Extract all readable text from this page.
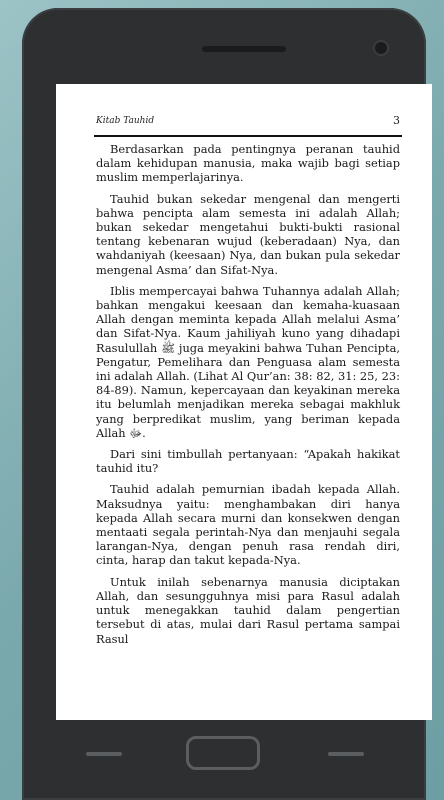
Kitab Tauhid	3

Berdasarkan pada pentingnya peranan tauhid dalam kehidupan manusia, maka wajib bagi setiap muslim memperlajarinya.

Tauhid bukan sekedar mengenal dan mengerti bahwa pencipta alam semesta ini adalah Allah; bukan sekedar mengetahui bukti-bukti rasional tentang kebenaran wujud (keberadaan) Nya, dan wahdaniyah (keesaan) Nya, dan bukan pula sekedar mengenal Asma’ dan Sifat-Nya.

Iblis mempercayai bahwa Tuhannya adalah Allah; bahkan mengakui keesaan dan kemaha-kuasaan Allah dengan meminta kepada Allah melalui Asma’ dan Sifat-Nya. Kaum jahiliyah kuno yang dihadapi Rasulullah ﷺ juga meyakini bahwa Tuhan Pencipta, Pengatur, Pemelihara dan Penguasa alam semesta ini adalah Allah. (Lihat Al Qur’an: 38: 82, 31: 25, 23: 84-89). Namun, kepercayaan dan keyakinan mereka itu belumlah menjadikan mereka sebagai makhluk yang berpredikat muslim, yang beriman kepada Allah ﷻ.

Dari sini timbullah pertanyaan: “Apakah hakikat tauhid itu?

Tauhid adalah pemurnian ibadah kepada Allah. Maksudnya yaitu: menghambakan diri hanya kepada Allah secara murni dan konsekwen dengan mentaati segala perintah-Nya dan menjauhi segala larangan-Nya, dengan penuh rasa rendah diri, cinta, harap dan takut kepada-Nya.

Untuk inilah sebenarnya manusia diciptakan Allah, dan sesungguhnya misi para Rasul adalah untuk menegakkan tauhid dalam pengertian tersebut di atas, mulai dari Rasul pertama sampai Rasul
